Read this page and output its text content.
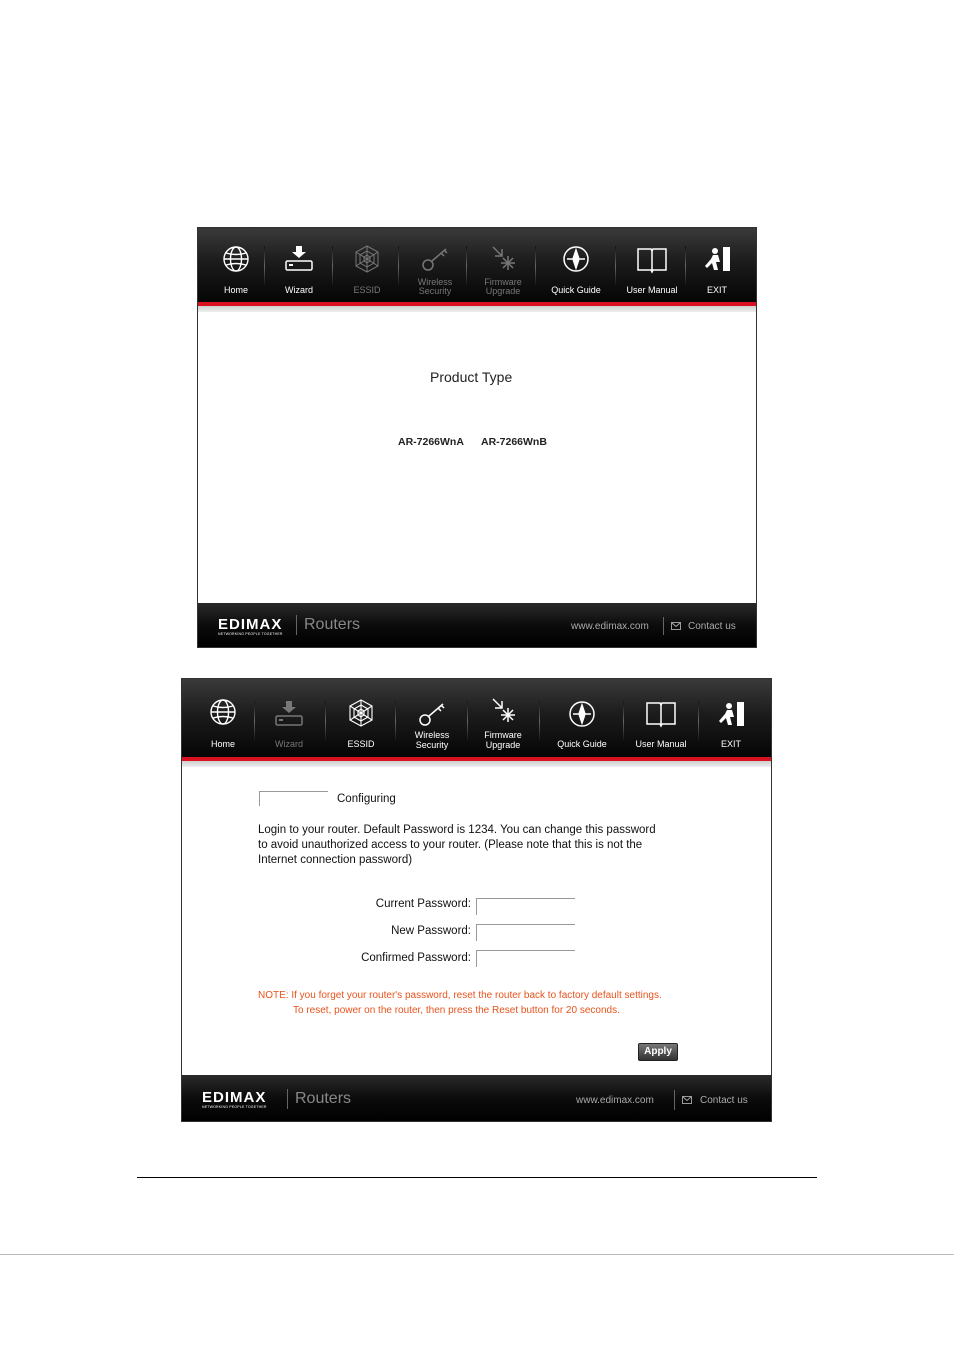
Home	Wizard	ESSID
Wireless
Security
Firmware
Upgrade	Quick Guide	User Manual	EXIT
Product Type
AR-7266WnA AR-7266WnB
EDIMAX
NETWORKING PEOPLE TOGETHER
Routers	www.edimax.com	Contact us
Home	Wizard	ESSID
Wireless
Security
Firmware
Upgrade	Quick Guide	User Manual	EXIT
Configuring
Login to your router. Default Password is 1234. You can change this password
to avoid unauthorized access to your router. (Please note that this is not the
Internet connection password)
Current Password:
New Password:
Confirmed Password:
NOTE: If you forget your router's password, reset the router back to factory default settings.
To reset, power on the router, then press the Reset button for 20 seconds.
Apply
EDIMAX
NETWORKING PEOPLE TOGETHER Routers	www.edimax.com	Contact us
